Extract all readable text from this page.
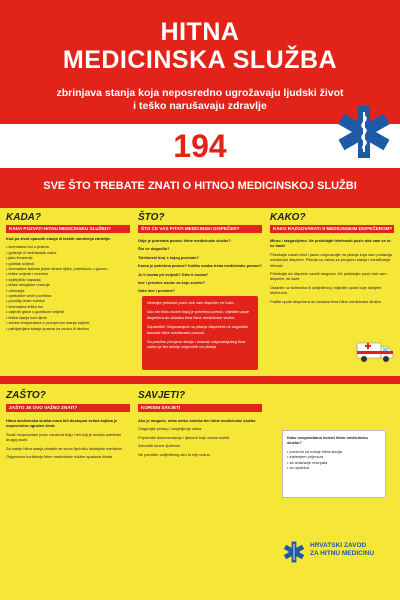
HITNA
MEDICINSKA SLUŽBA
zbrinjava stanja koja neposredno ugrožavaju ljudski život
i teško narušavaju zdravlje
194
SVE ŠTO TREBATE ZNATI O HITNOJ MEDICINSKOJ SLUŽBI
KADA?
KADA POZVATI HITNU MEDICINSKU SLUŽBU?

Kod po život opasnih stanja ili teških narušenja zdravlja:

• iznenadna bol u prsima
• gušenje ili nedostatak zraka
• jako krvarenje
• gubitak svijesti
• iznenadna slabost jedne strane tijela, poteškoće u govoru
• teške ozljede i nesreće
• epileptički napadaj
• teške alergijske reakcije
• otrovanja
• opekotine većih površina
• porođaj izvan bolnice
• iznenadna teška bol
• ozljede glave s gubitkom svijesti
• teška stanja kod djece
• visoka temperatura s promjenom stanja svijesti
• psihijatrijska stanja opasna za osobu ili okolinu
ŠTO?
ŠTO ĆE VAS PITATI MEDICINSKI DISPEČER?

Gdje je potrebna pomoć hitne medicinske službe?

Što se dogodilo?

Telefonski broj s kojeg pozivate?

Koma je potrebna pomoć? Koliko osoba treba medicinsku pomoć?

Je li osoba pri svijesti? Diše li osoba?

Ime i prezime osobe za koju zovete?

Vaše ime i prezime?

Nemojte prekinuti poziv dok vam dispečer ne kaže.

Ako ste blizu osobe kojoj je potrebna pomoć, slijedite upute dispečera do dolaska tima hitne medicinske službe.

Zapamtite! Odgovarajući na pitanja dispečera ne odgađate dolazak hitne medicinske pomoći.

Za pravilnu procjenu stanja i dolazak odgovarajućeg tima važno je što točnije odgovoriti na pitanja.

KAKO?
KAKO RAZGOVARATI S MEDICINSKIM DISPEČEROM?

Mirno i razgovijetno. Ne prekidajte telefonski poziv dok vam se to ne kaže!

Pokušajte ostati mirni i jasno odgovarajte na pitanja koja vam postavlja medicinski dispečer. Pitanja su važna za procjenu stanja i određivanje hitnosti.

Pričekajte da dispečer završi razgovor. Ne prekidajte poziv dok vam dispečer ne kaže.

Ostanite uz bolesnika ili ozlijeđenog i slijedite upute koje dobijete telefonom.

Pratite upute dispečera do dolaska tima hitne medicinske službe.

ZAŠTO?
ZAŠTO JE OVO VAŽNO ZNATI?

Hitna medicinska služba mora biti dostupna svima kojima je neposredno ugrožen život.

Svaki neopravdani poziv zauzima liniju i tim koji je možda potreban drugoj osobi.

Za manje hitna stanja obratite se svom liječniku obiteljske medicine.

Odgovorno korištenje hitne medicinske službe spašava živote.

SAVJETI?
KORISNI SAVJETI

Ako je moguće, neka netko dočeka tim hitne medicinske službe.

Osigurajte pristup i osvjetljenje ulaza.

Pripremite dokumentaciju i lijekove koje osoba koristi.

Zatvorite kućne ljubimce.

Ne pomičite ozlijeđenog ako to nije nužno.

Kako neopravdano koristi hitnu medicinsku službu?

• pozivom za manje hitna stanja
• traženjem prijevoza
• za izdavanje recepata
• za uputnice
HRVATSKI ZAVOD
ZA HITNU MEDICINU
